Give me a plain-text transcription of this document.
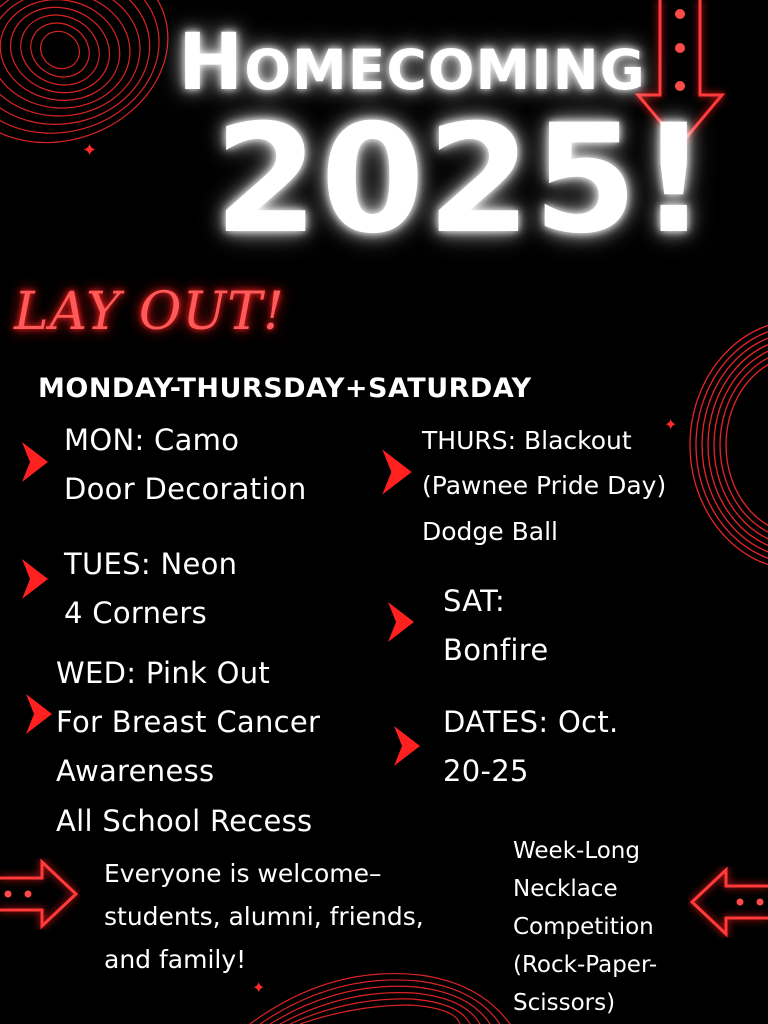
✦
✦
✦
Homecoming
2025!
LAY OUT!
MONDAY-THURSDAY+SATURDAY
MON: Camo
Door Decoration
TUES: Neon
4 Corners
WED: Pink Out
For Breast Cancer
Awareness
All School Recess
THURS: Blackout
(Pawnee Pride Day)
Dodge Ball
SAT:
Bonfire
DATES: Oct.
20-25
Everyone is welcome–
students, alumni, friends,
and family!
Week-Long
Necklace
Competition
(Rock-Paper-
Scissors)
